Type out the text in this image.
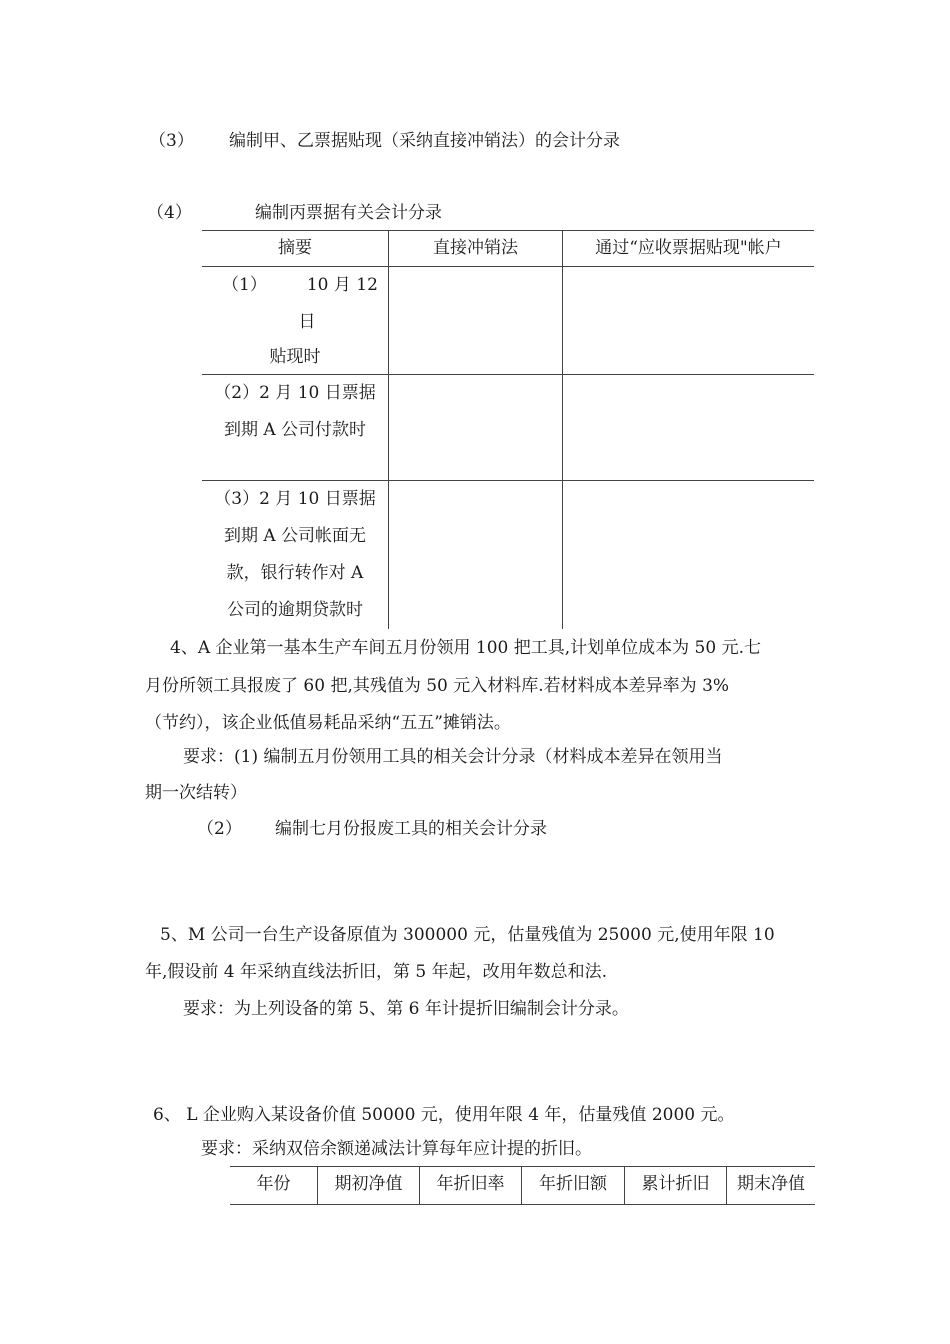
（3） 编制甲、乙票据贴现（采纳直接冲销法）的会计分录
（4）	编制丙票据有关会计分录
摘要	直接冲销法	通过“应收票据贴现"帐户

（1） 10 月 12
日
贴现时		

（2）2 月 10 日票据
到期 A 公司付款时		

（3）2 月 10 日票据
到期 A 公司帐面无
款，银行转作对 A
公司的逾期贷款时		

4、A 企业第一基本生产车间五月份领用 100 把工具,计划单位成本为 50 元.七
月份所领工具报废了 60 把,其残值为 50 元入材料库.若材料成本差异率为 3%
（节约），该企业低值易耗品采纳“五五”摊销法。
要求：(1) 编制五月份领用工具的相关会计分录（材料成本差异在领用当
期一次结转）
（2） 编制七月份报废工具的相关会计分录
5、M 公司一台生产设备原值为 300000 元，估量残值为 25000 元,使用年限 10
年,假设前 4 年采纳直线法折旧，第 5 年起，改用年数总和法.
要求：为上列设备的第 5、第 6 年计提折旧编制会计分录。
6、 L 企业购入某设备价值 50000 元，使用年限 4 年，估量残值 2000 元。
要求：采纳双倍余额递减法计算每年应计提的折旧。
年份	期初净值	年折旧率	年折旧额	累计折旧	期末净值
